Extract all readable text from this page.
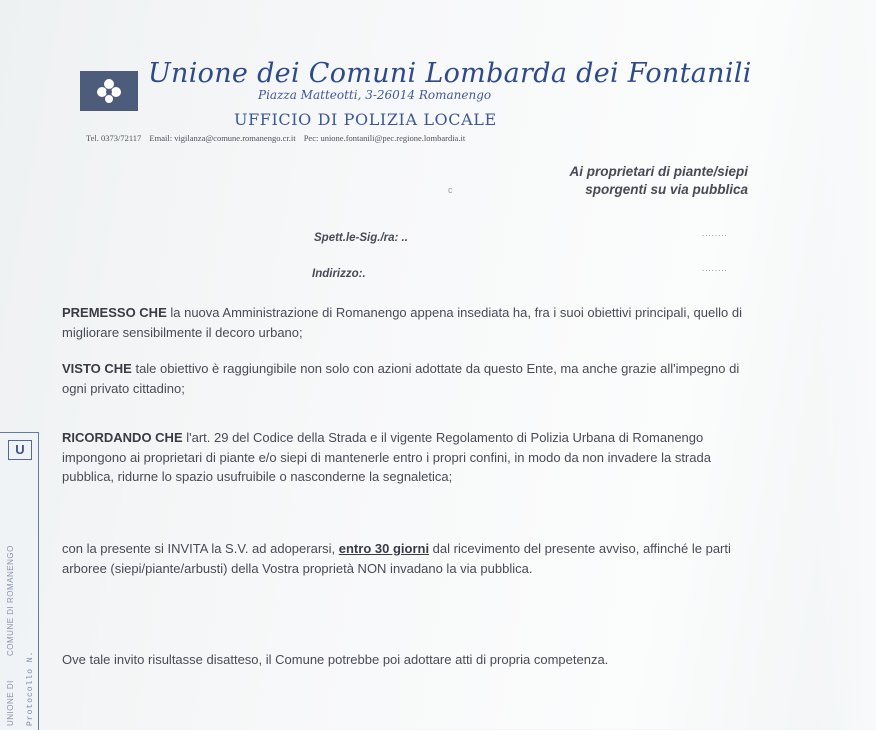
Unione dei Comuni Lombarda dei Fontanili
Piazza Matteotti, 3-26014 Romanengo
UFFICIO DI POLIZIA LOCALE
Tel. 0373/72117 Email: vigilanza@comune.romanengo.cr.it Pec: unione.fontanili@pec.regione.lombardia.it
Ai proprietari di piante/siepi
sporgenti su via pubblica
c
Spett.le-Sig./ra: ..	........
Indirizzo:.	........
PREMESSO CHE la nuova Amministrazione di Romanengo appena insediata ha, fra i suoi obiettivi principali, quello di migliorare sensibilmente il decoro urbano;
VISTO CHE tale obiettivo è raggiungibile non solo con azioni adottate da questo Ente, ma anche grazie all'impegno di ogni privato cittadino;
RICORDANDO CHE l'art. 29 del Codice della Strada e il vigente Regolamento di Polizia Urbana di Romanengo impongono ai proprietari di piante e/o siepi di mantenerle entro i propri confini, in modo da non invadere la strada pubblica, ridurne lo spazio usufruibile o nasconderne la segnaletica;
con la presente si INVITA la S.V. ad adoperarsi, entro 30 giorni dal ricevimento del presente avviso, affinché le parti arboree (siepi/piante/arbusti) della Vostra proprietà NON invadano la via pubblica.
Ove tale invito risultasse disatteso, il Comune potrebbe poi adottare atti di propria competenza.
U
COMUNE DI ROMANENGO
UNIONE DI Protocollo N.
